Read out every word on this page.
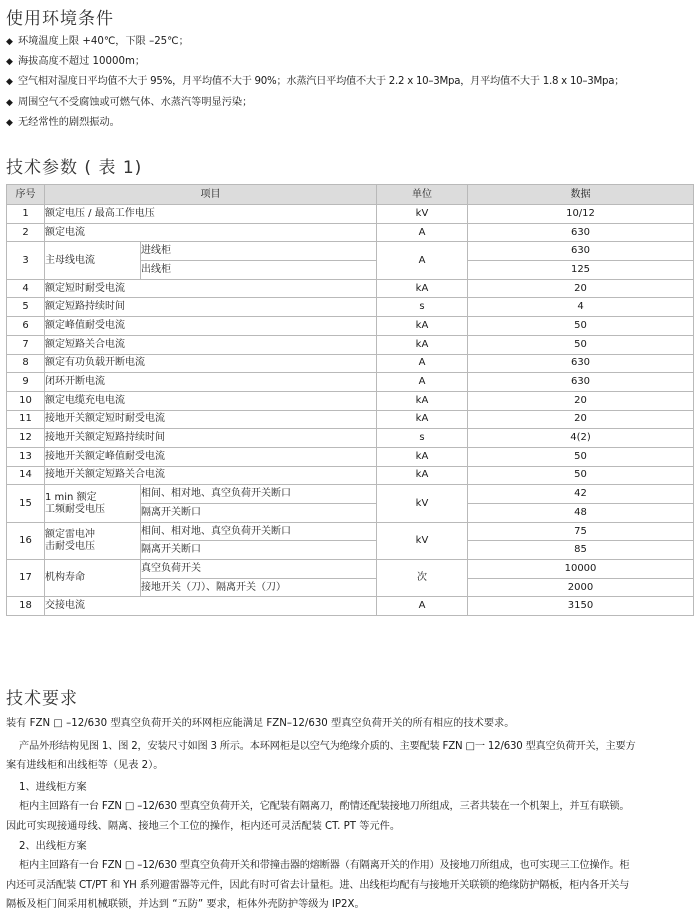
使用环境条件
◆ 环境温度上限 +40℃，下限 –25℃；
◆ 海拔高度不超过 10000m；
◆ 空气相对湿度日平均值不大于 95%，月平均值不大于 90%；水蒸汽日平均值不大于 2.2 x 10–3Mpa，月平均值不大于 1.8 x 10–3Mpa；
◆ 周围空气不受腐蚀或可燃气体、水蒸汽等明显污染；
◆ 无经常性的剧烈振动。
技术参数 ( 表 1)
序号	项目		单位	数据
1	额定电压 / 最高工作电压		kV	10/12
2	额定电流		A	630
3	主母线电流	进线柜	A	630
		出线柜		125
4	额定短时耐受电流		kA	20
5	额定短路持续时间		s	4
6	额定峰值耐受电流		kA	50
7	额定短路关合电流		kA	50
8	额定有功负载开断电流		A	630
9	闭环开断电流		A	630
10	额定电缆充电电流		kA	20
11	接地开关额定短时耐受电流		kA	20
12	接地开关额定短路持续时间		s	4(2)
13	接地开关额定峰值耐受电流		kA	50
14	接地开关额定短路关合电流		kA	50
15	1 min 额定
工频耐受电压	相间、相对地、真空负荷开关断口	kV	42
		隔离开关断口		48
16	额定雷电冲
击耐受电压	相间、相对地、真空负荷开关断口	kV	75
		隔离开关断口		85
17	机构寿命	真空负荷开关	次	10000
		接地开关（刀）、隔离开关（刀）		2000
18	交接电流		A	3150
技术要求

装有 FZN □ –12/630 型真空负荷开关的环网柜应能满足 FZN–12/630 型真空负荷开关的所有相应的技术要求。

产品外形结构见图 1、图 2，安装尺寸如图 3 所示。本环网柜是以空气为绝缘介质的、主要配装 FZN □一 12/630 型真空负荷开关，主要方

案有进线柜和出线柜等（见表 2）。

1、进线柜方案

柜内主回路有一台 FZN □ –12/630 型真空负荷开关，它配装有隔离刀，酌情还配装接地刀所组成，三者共装在一个机架上，并互有联锁。

因此可实现接通母线、隔离、接地三个工位的操作，柜内还可灵活配装 CT. PT 等元件。

2、出线柜方案

柜内主回路有一台 FZN □ –12/630 型真空负荷开关和带撞击器的熔断器（有隔离开关的作用）及接地刀所组成，也可实现三工位操作。柜

内还可灵活配装 CT/PT 和 YH 系列避雷器等元件，因此有时可省去计量柜。进、出线柜均配有与接地开关联锁的绝缘防护隔板，柜内各开关与

隔板及柜门间采用机械联锁，并达到 “五防” 要求，柜体外壳防护等级为 IP2X。
